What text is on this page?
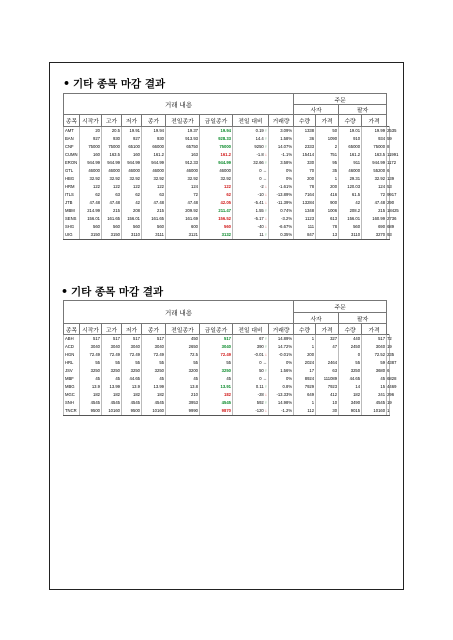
• 기타 종목 마감 결과
거래 내용									주문				
									사자		팔자		
종목	시작가	고가	저가	종가	전일종가	금일종가	전일 대비	거래량	수량	가격	수량	가격	
AMT	20	20.5	19.91	19.94	19.37	19.94	0.19 ↑	3.09%	1338	50	19.01	19.99	2535
BAN	927	930	927	930	913.93	928.33	14.4 ↑	1.58%	36	1090	910	934	59
CNF	75000	75000	65100	66000	65750	75000	9250 ↑	14.07%	2333	2	65000	75000	8
CUMN	160	163.5	160	161.2	163	161.2	-1.8 ↓	-1.1%	15414	751	161.2	163.5	11991
ERON	944.99	944.99	944.99	944.99	912.33	944.99	32.66 ↑	3.58%	330	95	911	944.99	1172
GTL	46000	46000	46000	46000	46000	46000	0 ↔	0%	70	35	46000	55200	6
HBG	32.92	32.92	32.92	32.92	32.92	32.92	0 ↔	0%	200	1	29.31	32.92	139
HRM	122	122	122	122	124	122	-2 ↓	-1.61%	78	200	120.03	124	53
ITLS	62	63	62	63	72	62	-10 ↓	-13.89%	7164	416	61.5	72	9917
JTB	47.48	47.48	42	47.48	47.48	42.05	-5.41 ↓	-11.39%	13284	900	42	47.48	290
MBM	214.99	215	208	215	209.92	211.47	1.55 ↑	0.74%	1348	1006	208.2	215	18425
SENS	156.01	161.65	156.01	161.65	161.69	156.52	-5.17 ↓	-3.2%	1123	613	156.01	160.99	2736
SHG	560	560	560	560	600	560	-40 ↓	-6.67%	111	78	560	690	689
UIG	3150	3150	3110	3111	3121	3132	11 ↑	0.35%	847	13	3110	3270	93
• 기타 종목 마감 결과
거래 내용									주문				
									사자		팔자		
종목	시작가	고가	저가	종가	전일종가	금일종가	전일 대비	거래량	수량	가격	수량	가격	
ABH	517	517	517	517	450	517	67 ↑	14.89%	1	327	440	517	72
ACD	3040	3040	3040	3040	2650	3040	390 ↑	14.72%	1	47	2450	3040	19
HGN	72.49	72.49	72.49	72.49	72.5	72.49	-0.01 ↓	-0.01%	200		0	72.52	235
HRL	55	55	55	55	55	55	0 ↔	0%	2024	2464	55	59	4387
JSV	3250	3250	3250	3250	3200	3250	50 ↑	1.56%	17	63	3250	3680	6
MBF	45	45	44.65	45	45	45	0 ↔	0%	8924	111089	44.65	45	6828
MBG	13.9	13.99	13.9	13.99	13.8	13.91	0.11 ↑	0.8%	7929	7923	14	15	4469
MGC	182	182	182	182	210	182	-28 ↓	-13.33%	649	412	182	241	296
SNH	4545	4545	4545	4545	3953	4545	592 ↑	14.98%	1	10	3490	4545	19
TNCR	9500	10160	9500	10160	9990	9870	-120 ↓	-1.2%	112	30	9015	10160	1
